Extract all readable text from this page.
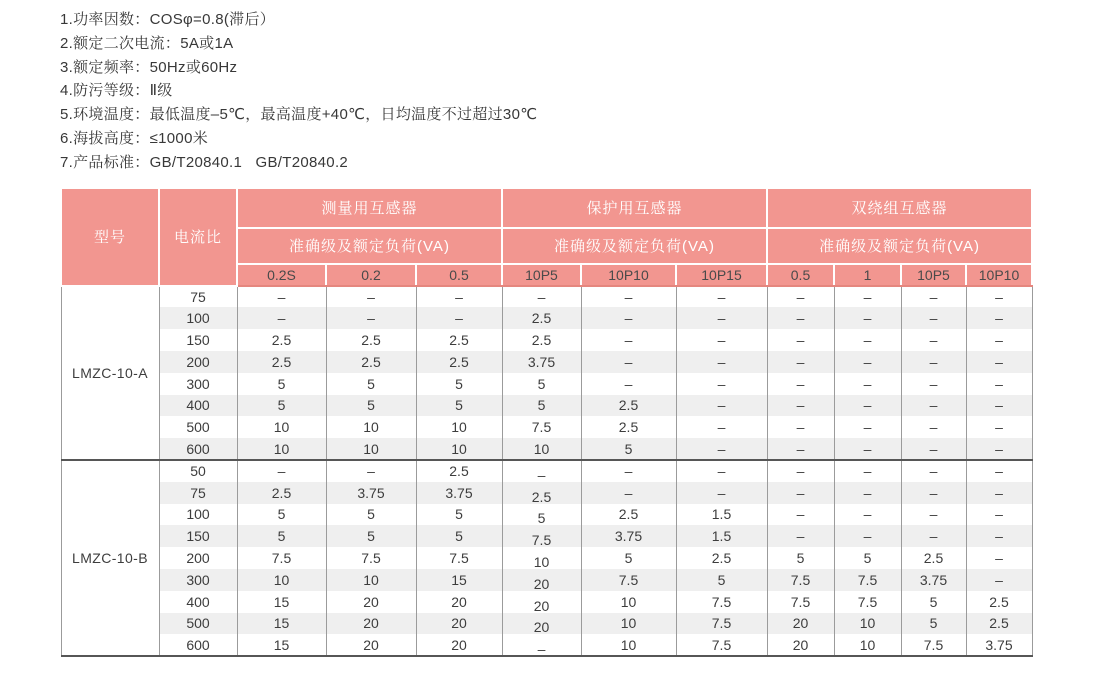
1.功率因数：COSφ=0.8(滞后）
2.额定二次电流：5A或1A
3.额定频率：50Hz或60Hz
4.防污等级：Ⅱ级
5.环境温度：最低温度–5℃，最高温度+40℃，日均温度不过超过30℃
6.海拔高度：≤1000米
7.产品标准：GB/T20840.1   GB/T20840.2
型号	电流比	测量用互感器			保护用互感器			双绕组互感器			
		准确级及额定负荷(VA)			准确级及额定负荷(VA)			准确级及额定负荷(VA)			
		0.2S	0.2	0.5	10P5	10P10	10P15	0.5	1	10P5	10P10
LMZC-10-A	75	–	–	–	–	–	–	–	–	–	–
	100	–	–	–	2.5	–	–	–	–	–	–
	150	2.5	2.5	2.5	2.5	–	–	–	–	–	–
	200	2.5	2.5	2.5	3.75	–	–	–	–	–	–
	300	5	5	5	5	–	–	–	–	–	–
	400	5	5	5	5	2.5	–	–	–	–	–
	500	10	10	10	7.5	2.5	–	–	–	–	–
	600	10	10	10	10	5	–	–	–	–	–
LMZC-10-B	50	–	–	2.5	–	–	–	–	–	–	–
	75	2.5	3.75	3.75	2.5	–	–	–	–	–	–
	100	5	5	5	5	2.5	1.5	–	–	–	–
	150	5	5	5	7.5	3.75	1.5	–	–	–	–
	200	7.5	7.5	7.5	10	5	2.5	5	5	2.5	–
	300	10	10	15	20	7.5	5	7.5	7.5	3.75	–
	400	15	20	20	20	10	7.5	7.5	7.5	5	2.5
	500	15	20	20	20	10	7.5	20	10	5	2.5
	600	15	20	20	–	10	7.5	20	10	7.5	3.75
